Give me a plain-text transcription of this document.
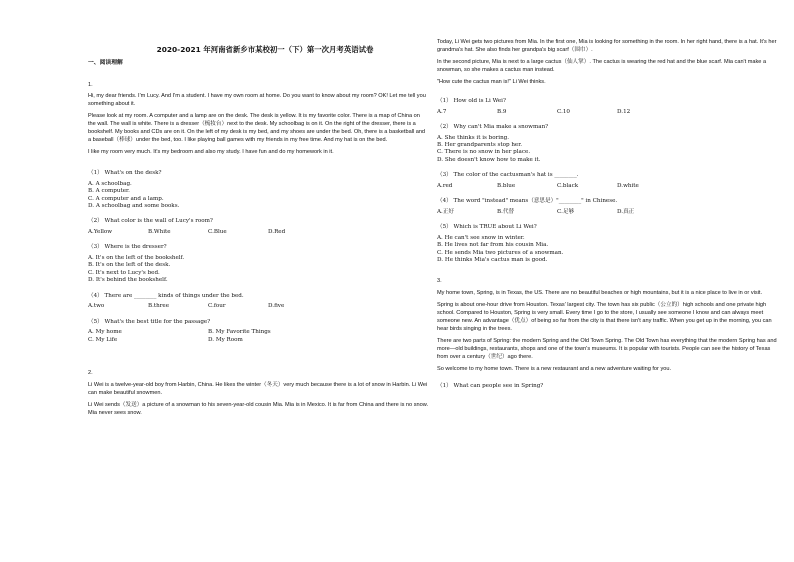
2020-2021 年河南省新乡市某校初一（下）第一次月考英语试卷
一、阅读理解
1.
Hi, my dear friends. I'm Lucy. And I'm a student. I have my own room at home. Do you want to know about my room? OK! Let me tell you something about it.
Please look at my room. A computer and a lamp are on the desk. The desk is yellow. It is my favorite color. There is a map of China on the wall. The wall is white. There is a dresser（梳妆台）next to the desk. My schoolbag is on it. On the right of the dresser, there is a bookshelf. My books and CDs are on it. On the left of my desk is my bed, and my shoes are under the bed. Oh, there is a basketball and a baseball（棒球）under the bed, too. I like playing ball games with my friends in my free time. And my hat is on the bed.
I like my room very much. It's my bedroom and also my study. I have fun and do my homework in it.
（1） What's on the desk?
A. A schoolbag.
B. A computer.
C. A computer and a lamp.
D. A schoolbag and some books.
（2） What color is the wall of Lucy's room?
A.Yellow	B.White	C.Blue	D.Red
（3） Where is the dresser?
A. It's on the left of the bookshelf.
B. It's on the left of the desk.
C. It's next to Lucy's bed.
D. It's behind the bookshelf.
（4） There are ________ kinds of things under the bed.
A.two	B.three	C.four	D.five
（5） What's the best title for the passage?
A. My home	B. My Favorite Things
C. My Life	D. My Room
2.
Li Wei is a twelve-year-old boy from Harbin, China. He likes the winter（冬天）very much because there is a lot of snow in Harbin. Li Wei can make beautiful snowmen.
Li Wei sends（发送）a picture of a snowman to his seven-year-old cousin Mia. Mia is in Mexico. It is far from China and there is no snow. Mia never sees snow.
Today, Li Wei gets two pictures from Mia. In the first one, Mia is looking for something in the room. In her right hand, there is a hat. It's her grandma's hat. She also finds her grandpa's big scarf（围巾）.
In the second picture, Mia is next to a large cactus（仙人掌）. The cactus is wearing the red hat and the blue scarf. Mia can't make a snowman, so she makes a cactus man instead.
"How cute the cactus man is!" Li Wei thinks.
（1） How old is Li Wei?
A.7	B.9	C.10	D.12
（2） Why can't Mia make a snowman?
A. She thinks it is boring.
B. Her grandparents stop her.
C. There is no snow in her place.
D. She doesn't know how to make it.
（3） The color of the cactusman's hat is ________.
A.red	B.blue	C.black	D.white
（4） The word "instead" means（意思是）"________" in Chinese.
A.正好	B.代替	C.足够	D.真正
（5） Which is TRUE about Li Wei?
A. He can't see snow in winter.
B. He lives not far from his cousin Mia.
C. He sends Mia two pictures of a snowman.
D. He thinks Mia's cactus man is good.
3.
My home town, Spring, is in Texas, the US. There are no beautiful beaches or high mountains, but it is a nice place to live in or visit.
Spring is about one-hour drive from Houston. Texas' largest city. The town has six public（公立的）high schools and one private high school. Compared to Houston, Spring is very small. Every time I go to the store, I usually see someone I know and can always meet someone new. An advantage（优点）of being so far from the city is that there isn't any traffic. When you get up in the morning, you can hear birds singing in the trees.
There are two parts of Spring: the modern Spring and the Old Town Spring. The Old Town has everything that the modern Spring has and more—old buildings, restaurants, shops and one of the town's museums. It is popular with tourists. People can see the history of Texas from over a century（世纪）ago there.
So welcome to my home town. There is a new restaurant and a new adventure waiting for you.
（1） What can people see in Spring?
